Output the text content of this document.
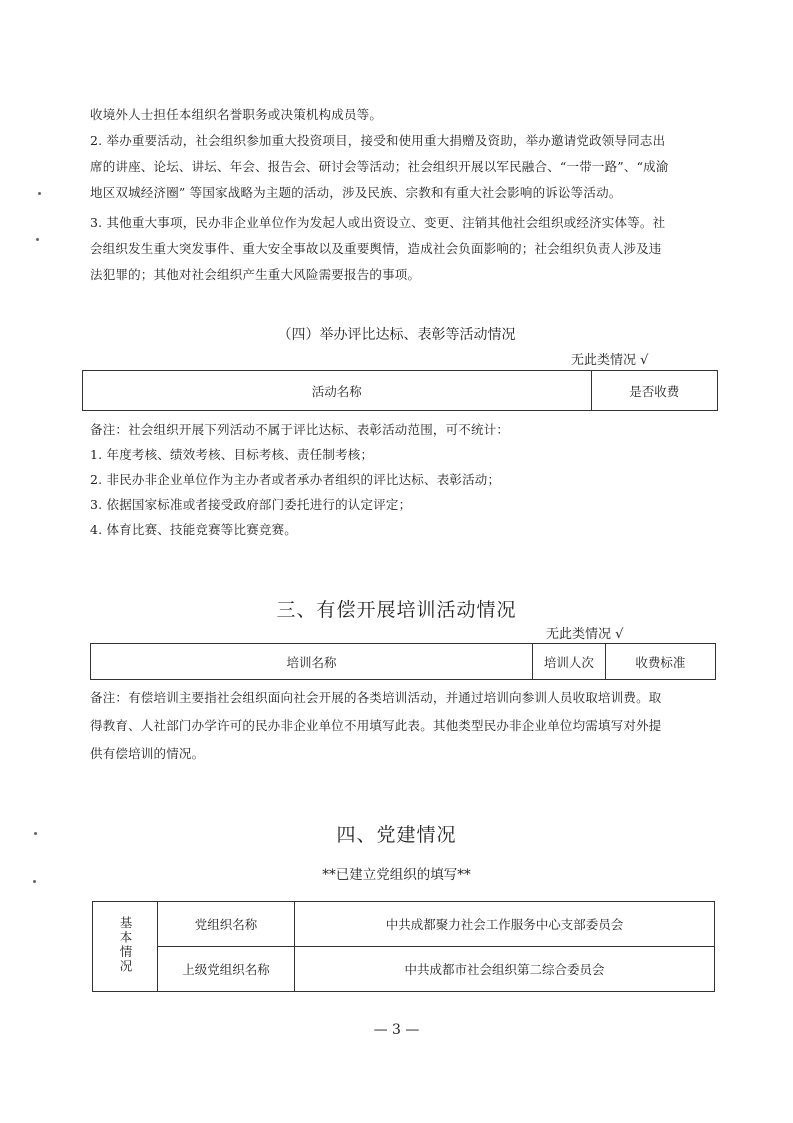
收境外人士担任本组织名誉职务或决策机构成员等。
2. 举办重要活动，社会组织参加重大投资项目，接受和使用重大捐赠及资助，举办邀请党政领导同志出
席的讲座、论坛、讲坛、年会、报告会、研讨会等活动；社会组织开展以军民融合、“一带一路”、“成渝
地区双城经济圈” 等国家战略为主题的活动，涉及民族、宗教和有重大社会影响的诉讼等活动。
3. 其他重大事项，民办非企业单位作为发起人或出资设立、变更、注销其他社会组织或经济实体等。社
会组织发生重大突发事件、重大安全事故以及重要舆情，造成社会负面影响的；社会组织负责人涉及违
法犯罪的；其他对社会组织产生重大风险需要报告的事项。
（四）举办评比达标、表彰等活动情况
无此类情况 √
活动名称	是否收费
备注：社会组织开展下列活动不属于评比达标、表彰活动范围，可不统计：
1. 年度考核、绩效考核、目标考核、责任制考核；
2. 非民办非企业单位作为主办者或者承办者组织的评比达标、表彰活动；
3. 依据国家标准或者接受政府部门委托进行的认定评定；
4. 体育比赛、技能竞赛等比赛竞赛。
三、有偿开展培训活动情况
无此类情况 √
培训名称	培训人次	收费标准
备注：有偿培训主要指社会组织面向社会开展的各类培训活动，并通过培训向参训人员收取培训费。取
得教育、人社部门办学许可的民办非企业单位不用填写此表。其他类型民办非企业单位均需填写对外提
供有偿培训的情况。
四、党建情况
**已建立党组织的填写**
基本情况	党组织名称	中共成都聚力社会工作服务中心支部委员会
	上级党组织名称	中共成都市社会组织第二综合委员会
— 3 —
